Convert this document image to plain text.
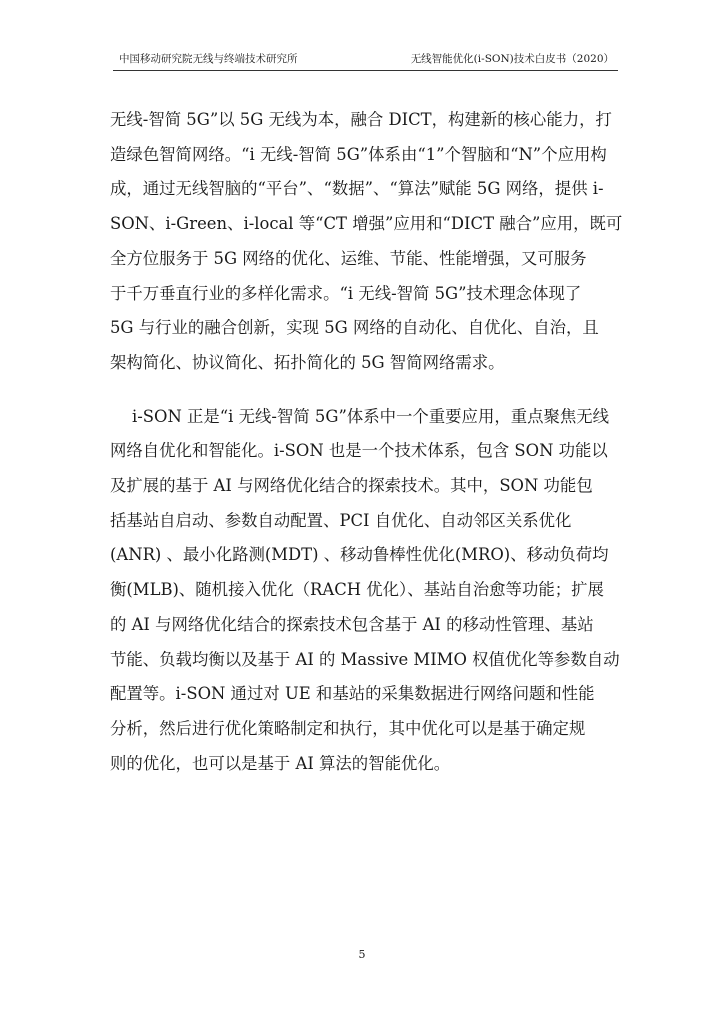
中国移动研究院无线与终端技术研究所	无线智能优化(i-SON)技术白皮书（2020）

无线-智简 5G”以 5G 无线为本，融合 DICT，构建新的核心能力，打
造绿色智简网络。“i 无线-智简 5G”体系由“1”个智脑和“N”个应用构
成，通过无线智脑的“平台”、“数据”、“算法”赋能 5G 网络，提供 i-
SON、i-Green、i-local 等“CT 增强”应用和“DICT 融合”应用，既可
全方位服务于 5G 网络的优化、运维、节能、性能增强，又可服务
于千万垂直行业的多样化需求。“i 无线-智简 5G”技术理念体现了
5G 与行业的融合创新，实现 5G 网络的自动化、自优化、自治，且
架构简化、协议简化、拓扑简化的 5G 智简网络需求。

i-SON 正是“i 无线-智简 5G”体系中一个重要应用，重点聚焦无线
网络自优化和智能化。i-SON 也是一个技术体系，包含 SON 功能以
及扩展的基于 AI 与网络优化结合的探索技术。其中，SON 功能包
括基站自启动、参数自动配置、PCI 自优化、自动邻区关系优化
(ANR) 、最小化路测(MDT) 、移动鲁棒性优化(MRO)、移动负荷均
衡(MLB)、随机接入优化（RACH 优化）、基站自治愈等功能；扩展
的 AI 与网络优化结合的探索技术包含基于 AI 的移动性管理、基站
节能、负载均衡以及基于 AI 的 Massive MIMO 权值优化等参数自动
配置等。i-SON 通过对 UE 和基站的采集数据进行网络问题和性能
分析，然后进行优化策略制定和执行，其中优化可以是基于确定规
则的优化，也可以是基于 AI 算法的智能优化。

5
